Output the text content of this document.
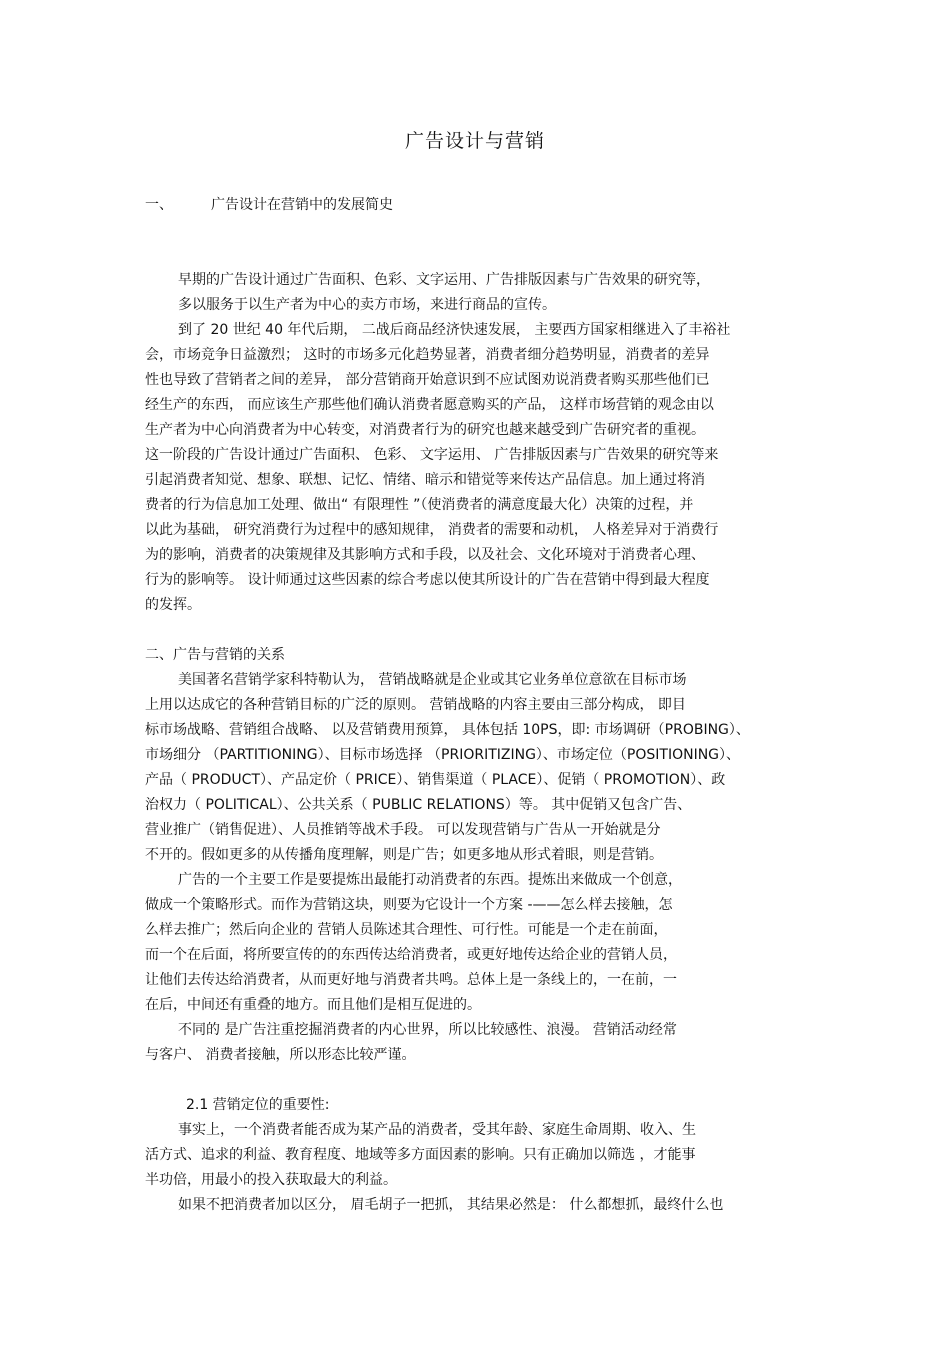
广告设计与营销
一、	广告设计在营销中的发展简史
早期的广告设计通过广告面积、色彩、文字运用、广告排版因素与广告效果的研究等，
多以服务于以生产者为中心的卖方市场，来进行商品的宣传。
到了 20 世纪 40 年代后期， 二战后商品经济快速发展， 主要西方国家相继进入了丰裕社
会，市场竞争日益激烈； 这时的市场多元化趋势显著，消费者细分趋势明显，消费者的差异
性也导致了营销者之间的差异， 部分营销商开始意识到不应试图劝说消费者购买那些他们已
经生产的东西， 而应该生产那些他们确认消费者愿意购买的产品， 这样市场营销的观念由以
生产者为中心向消费者为中心转变，对消费者行为的研究也越来越受到广告研究者的重视。
这一阶段的广告设计通过广告面积、 色彩、 文字运用、 广告排版因素与广告效果的研究等来
引起消费者知觉、想象、联想、记忆、情绪、暗示和错觉等来传达产品信息。加上通过将消
费者的行为信息加工处理、做出“ 有限理性 ”（使消费者的满意度最大化）决策的过程，并
以此为基础， 研究消费行为过程中的感知规律， 消费者的需要和动机， 人格差异对于消费行
为的影响，消费者的决策规律及其影响方式和手段，以及社会、文化环境对于消费者心理、
行为的影响等。 设计师通过这些因素的综合考虑以使其所设计的广告在营销中得到最大程度
的发挥。
二、广告与营销的关系
美国著名营销学家科特勒认为， 营销战略就是企业或其它业务单位意欲在目标市场
上用以达成它的各种营销目标的广泛的原则。 营销战略的内容主要由三部分构成， 即目
标市场战略、营销组合战略、 以及营销费用预算， 具体包括 10PS，即: 市场调研（PROBING）、
市场细分 （PARTITIONING）、目标市场选择 （PRIORITIZING）、市场定位（POSITIONING）、
产品（ PRODUCT）、产品定价（ PRICE）、销售渠道（ PLACE）、促销（ PROMOTION）、政
治权力（ POLITICAL）、公共关系（ PUBLIC RELATIONS）等。 其中促销又包含广告、
营业推广（销售促进）、人员推销等战术手段。 可以发现营销与广告从一开始就是分
不开的。假如更多的从传播角度理解，则是广告；如更多地从形式着眼，则是营销。
广告的一个主要工作是要提炼出最能打动消费者的东西。提炼出来做成一个创意，
做成一个策略形式。而作为营销这块，则要为它设计一个方案 -——怎么样去接触，怎
么样去推广；然后向企业的 营销人员陈述其合理性、可行性。可能是一个走在前面，
而一个在后面，将所要宣传的的东西传达给消费者，或更好地传达给企业的营销人员，
让他们去传达给消费者，从而更好地与消费者共鸣。总体上是一条线上的，一在前，一
在后，中间还有重叠的地方。而且他们是相互促进的。
不同的 是广告注重挖掘消费者的内心世界，所以比较感性、浪漫。 营销活动经常
与客户、 消费者接触，所以形态比较严谨。
2.1 营销定位的重要性:
事实上，一个消费者能否成为某产品的消费者，受其年龄、家庭生命周期、收入、生
活方式、追求的利益、教育程度、地域等多方面因素的影响。只有正确加以筛选 ，才能事
半功倍，用最小的投入获取最大的利益。
如果不把消费者加以区分， 眉毛胡子一把抓， 其结果必然是： 什么都想抓，最终什么也
